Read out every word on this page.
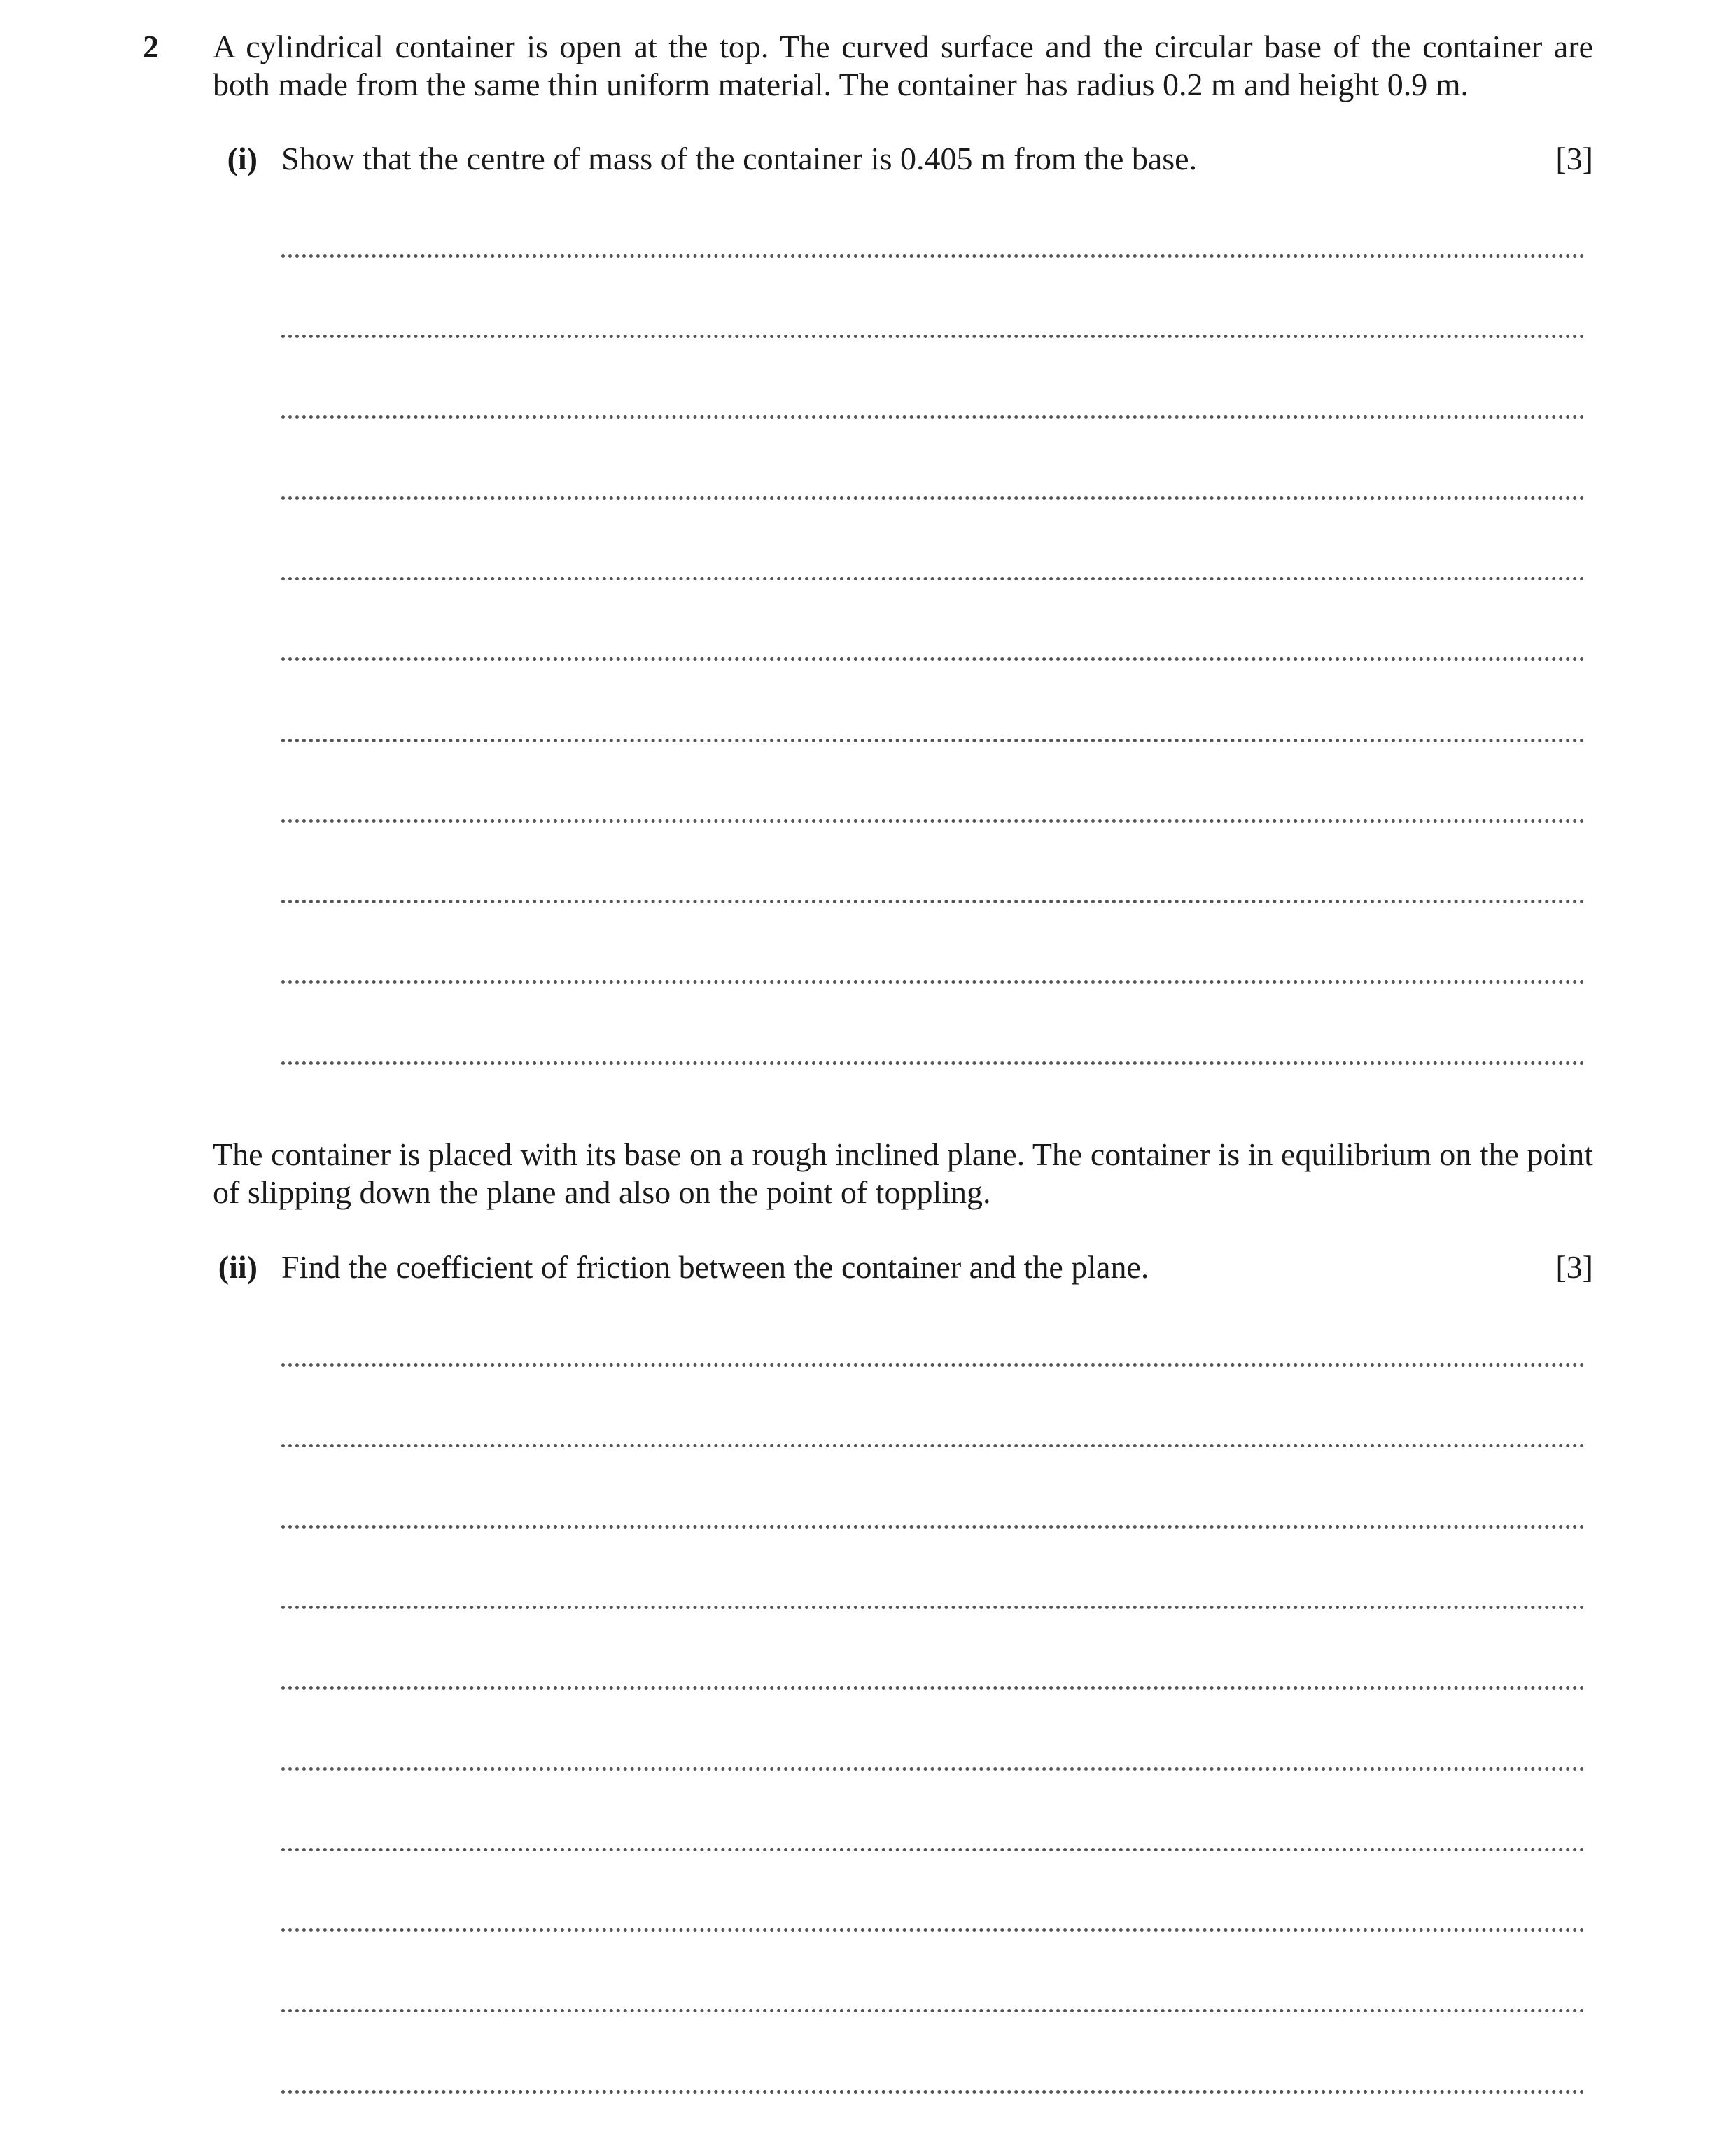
2 A cylindrical container is open at the top. The curved surface and the circular base of the container are both made from the same thin uniform material. The container has radius 0.2 m and height 0.9 m.

(i) Show that the centre of mass of the container is 0.405 m from the base.	[3]

The container is placed with its base on a rough inclined plane. The container is in equilibrium on the point of slipping down the plane and also on the point of toppling.

(ii) Find the coefficient of friction between the container and the plane.	[3]
